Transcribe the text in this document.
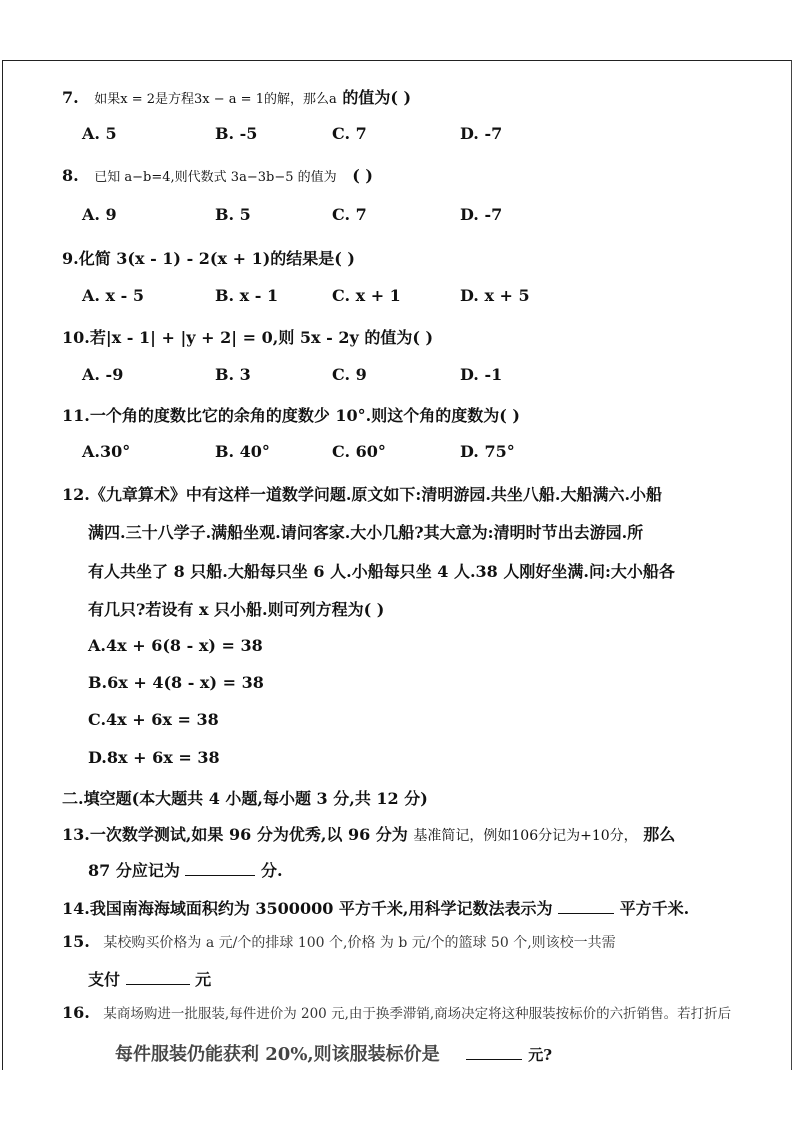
7. 如果x = 2是方程3x − a = 1的解，那么a 的值为( )
A. 5	B. -5	C. 7	D. -7
8. 已知 a−b=4,则代数式 3a−3b−5 的值为 ( )
A. 9	B. 5	C. 7	D. -7
9.化简 3(x - 1) - 2(x + 1)的结果是( )
A. x - 5	B. x - 1	C. x + 1	D. x + 5
10.若|x - 1| + |y + 2| = 0,则 5x - 2y 的值为( )
A. -9	B. 3	C. 9	D. -1
11.一个角的度数比它的余角的度数少 10°.则这个角的度数为( )
A.30°	B. 40°	C. 60°	D. 75°
12.《九章算术》中有这样一道数学问题.原文如下:清明游园.共坐八船.大船满六.小船
满四.三十八学子.满船坐观.请问客家.大小几船?其大意为:清明时节出去游园.所
有人共坐了 8 只船.大船每只坐 6 人.小船每只坐 4 人.38 人刚好坐满.问:大小船各
有几只?若设有 x 只小船.则可列方程为( )
A.4x + 6(8 - x) = 38
B.6x + 4(8 - x) = 38
C.4x + 6x = 38
D.8x + 6x = 38
二.填空题(本大题共 4 小题,每小题 3 分,共 12 分)
13.一次数学测试,如果 96 分为优秀,以 96 分为 基准简记，例如106分记为+10分， 那么
87 分应记为	分.
14.我国南海海域面积约为 3500000 平方千米,用科学记数法表示为	平方千米.
15. 某校购买价格为 a 元/个的排球 100 个,价格 为 b 元/个的篮球 50 个,则该校一共需
支付	元
16. 某商场购进一批服装,每件进价为 200 元,由于换季滞销,商场决定将这种服装按标价的六折销售。若打折后
每件服装仍能获利 20%,则该服装标价是	元?
